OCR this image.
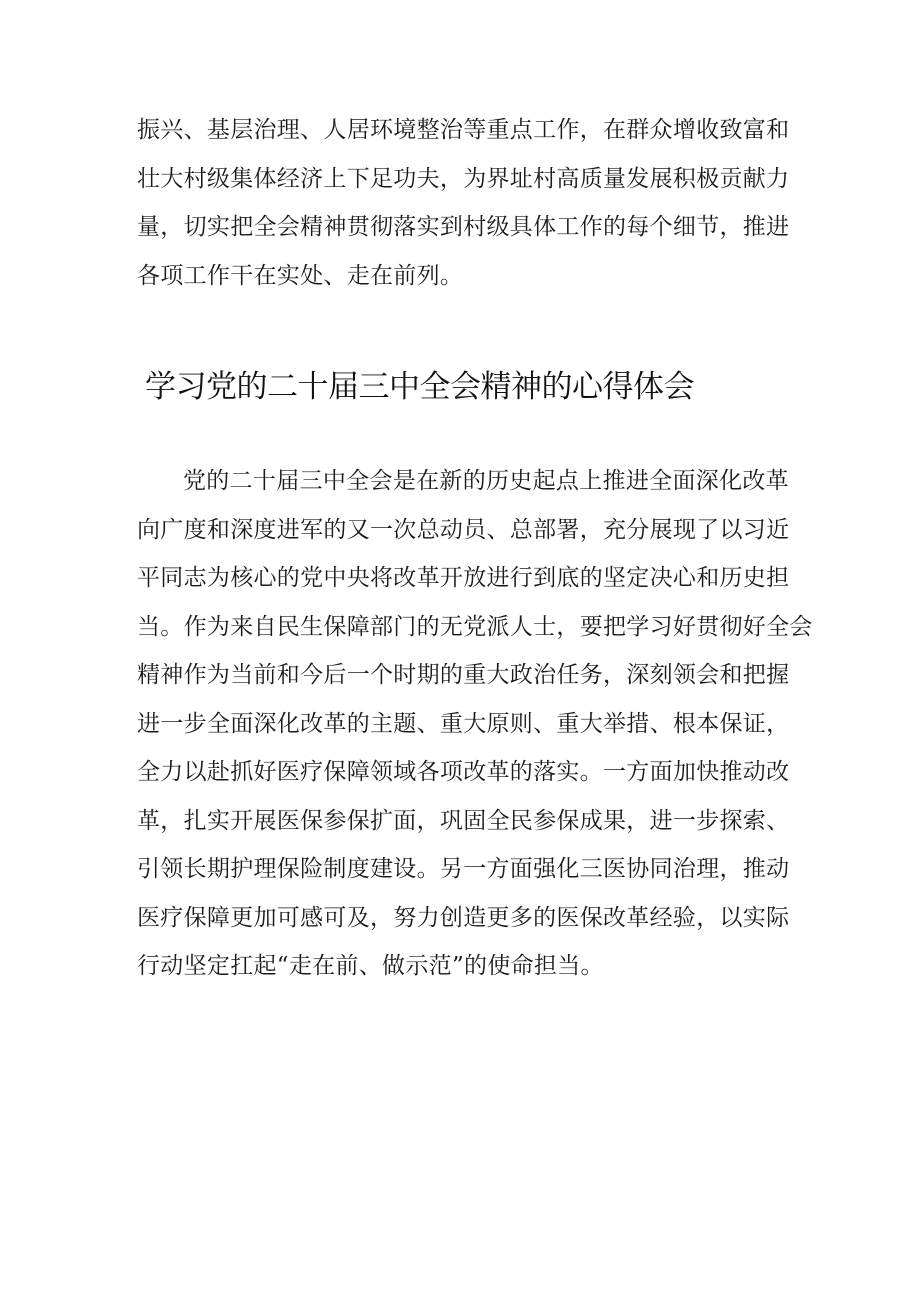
振兴、基层治理、人居环境整治等重点工作，在群众增收致富和
壮大村级集体经济上下足功夫，为界址村高质量发展积极贡献力
量，切实把全会精神贯彻落实到村级具体工作的每个细节，推进
各项工作干在实处、走在前列。
学习党的二十届三中全会精神的心得体会
党的二十届三中全会是在新的历史起点上推进全面深化改革
向广度和深度进军的又一次总动员、总部署，充分展现了以习近
平同志为核心的党中央将改革开放进行到底的坚定决心和历史担
当。作为来自民生保障部门的无党派人士，要把学习好贯彻好全会
精神作为当前和今后一个时期的重大政治任务，深刻领会和把握
进一步全面深化改革的主题、重大原则、重大举措、根本保证，
全力以赴抓好医疗保障领域各项改革的落实。一方面加快推动改
革，扎实开展医保参保扩面，巩固全民参保成果，进一步探索、
引领长期护理保险制度建设。另一方面强化三医协同治理，推动
医疗保障更加可感可及，努力创造更多的医保改革经验，以实际
行动坚定扛起“走在前、做示范”的使命担当。
